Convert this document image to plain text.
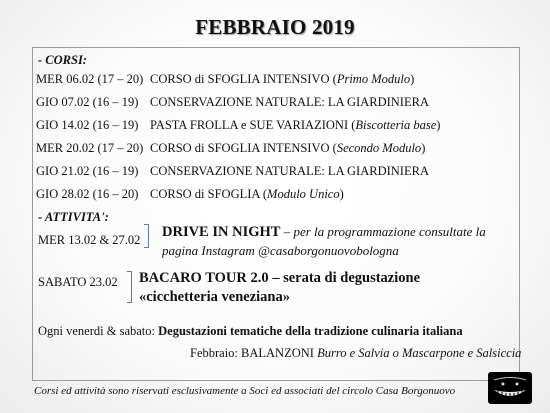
FEBBRAIO 2019
- CORSI:
MER 06.02 (17 – 20) CORSO di SFOGLIA INTENSIVO (Primo Modulo)
GIO 07.02 (16 – 19) CONSERVAZIONE NATURALE: LA GIARDINIERA
GIO 14.02 (16 – 19) PASTA FROLLA e SUE VARIAZIONI (Biscotteria base)
MER 20.02 (17 – 20) CORSO di SFOGLIA INTENSIVO (Secondo Modulo)
GIO 21.02 (16 – 19) CONSERVAZIONE NATURALE: LA GIARDINIERA
GIO 28.02 (16 – 20) CORSO di SFOGLIA (Modulo Unico)
- ATTIVITA':
MER 13.02 & 27.02 DRIVE IN NIGHT – per la programmazione consultate la
pagina Instagram @casaborgonuovobologna
SABATO 23.02 BACARO TOUR 2.0 – serata di degustazione
«cicchetteria veneziana»
Ogni venerdì & sabato: Degustazioni tematiche della tradizione culinaria italiana
Febbraio: BALANZONI Burro e Salvia o Mascarpone e Salsiccia
Corsi ed attività sono riservati esclusivamente a Soci ed associati del circolo Casa Borgonuovo
